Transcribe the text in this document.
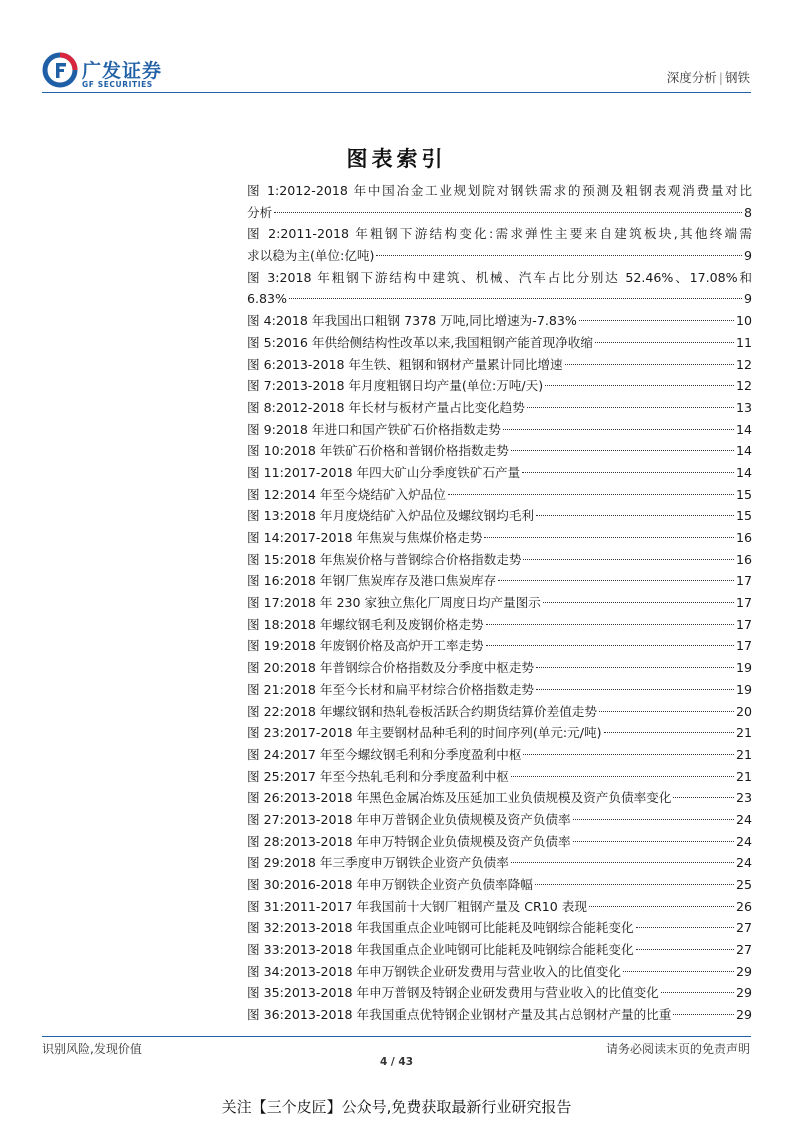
广发证券
GF SECURITIES	深度分析 | 钢铁
图表索引
图 1:2012-2018 年中国冶金工业规划院对钢铁需求的预测及粗钢表观消费量对比
分析	8
图 2:2011-2018 年粗钢下游结构变化:需求弹性主要来自建筑板块,其他终端需
求以稳为主(单位:亿吨)	9
图 3:2018 年粗钢下游结构中建筑、机械、汽车占比分别达 52.46%、17.08%和
6.83%	9
图 4:2018 年我国出口粗钢 7378 万吨,同比增速为-7.83%	10
图 5:2016 年供给侧结构性改革以来,我国粗钢产能首现净收缩	11
图 6:2013-2018 年生铁、粗钢和钢材产量累计同比增速	12
图 7:2013-2018 年月度粗钢日均产量(单位:万吨/天)	12
图 8:2012-2018 年长材与板材产量占比变化趋势	13
图 9:2018 年进口和国产铁矿石价格指数走势	14
图 10:2018 年铁矿石价格和普钢价格指数走势	14
图 11:2017-2018 年四大矿山分季度铁矿石产量	14
图 12:2014 年至今烧结矿入炉品位	15
图 13:2018 年月度烧结矿入炉品位及螺纹钢均毛利	15
图 14:2017-2018 年焦炭与焦煤价格走势	16
图 15:2018 年焦炭价格与普钢综合价格指数走势	16
图 16:2018 年钢厂焦炭库存及港口焦炭库存	17
图 17:2018 年 230 家独立焦化厂周度日均产量图示	17
图 18:2018 年螺纹钢毛利及废钢价格走势	17
图 19:2018 年废钢价格及高炉开工率走势	17
图 20:2018 年普钢综合价格指数及分季度中枢走势	19
图 21:2018 年至今长材和扁平材综合价格指数走势	19
图 22:2018 年螺纹钢和热轧卷板活跃合约期货结算价差值走势	20
图 23:2017-2018 年主要钢材品种毛利的时间序列(单元:元/吨)	21
图 24:2017 年至今螺纹钢毛利和分季度盈利中枢	21
图 25:2017 年至今热轧毛利和分季度盈利中枢	21
图 26:2013-2018 年黑色金属冶炼及压延加工业负债规模及资产负债率变化	23
图 27:2013-2018 年申万普钢企业负债规模及资产负债率	24
图 28:2013-2018 年申万特钢企业负债规模及资产负债率	24
图 29:2018 年三季度申万钢铁企业资产负债率	24
图 30:2016-2018 年申万钢铁企业资产负债率降幅	25
图 31:2011-2017 年我国前十大钢厂粗钢产量及 CR10 表现	26
图 32:2013-2018 年我国重点企业吨钢可比能耗及吨钢综合能耗变化	27
图 33:2013-2018 年我国重点企业吨钢可比能耗及吨钢综合能耗变化	27
图 34:2013-2018 年申万钢铁企业研发费用与营业收入的比值变化	29
图 35:2013-2018 年申万普钢及特钢企业研发费用与营业收入的比值变化	29
图 36:2013-2018 年我国重点优特钢企业钢材产量及其占总钢材产量的比重	29
识别风险,发现价值	请务必阅读末页的免责声明
4 / 43
关注【三个皮匠】公众号,免费获取最新行业研究报告
